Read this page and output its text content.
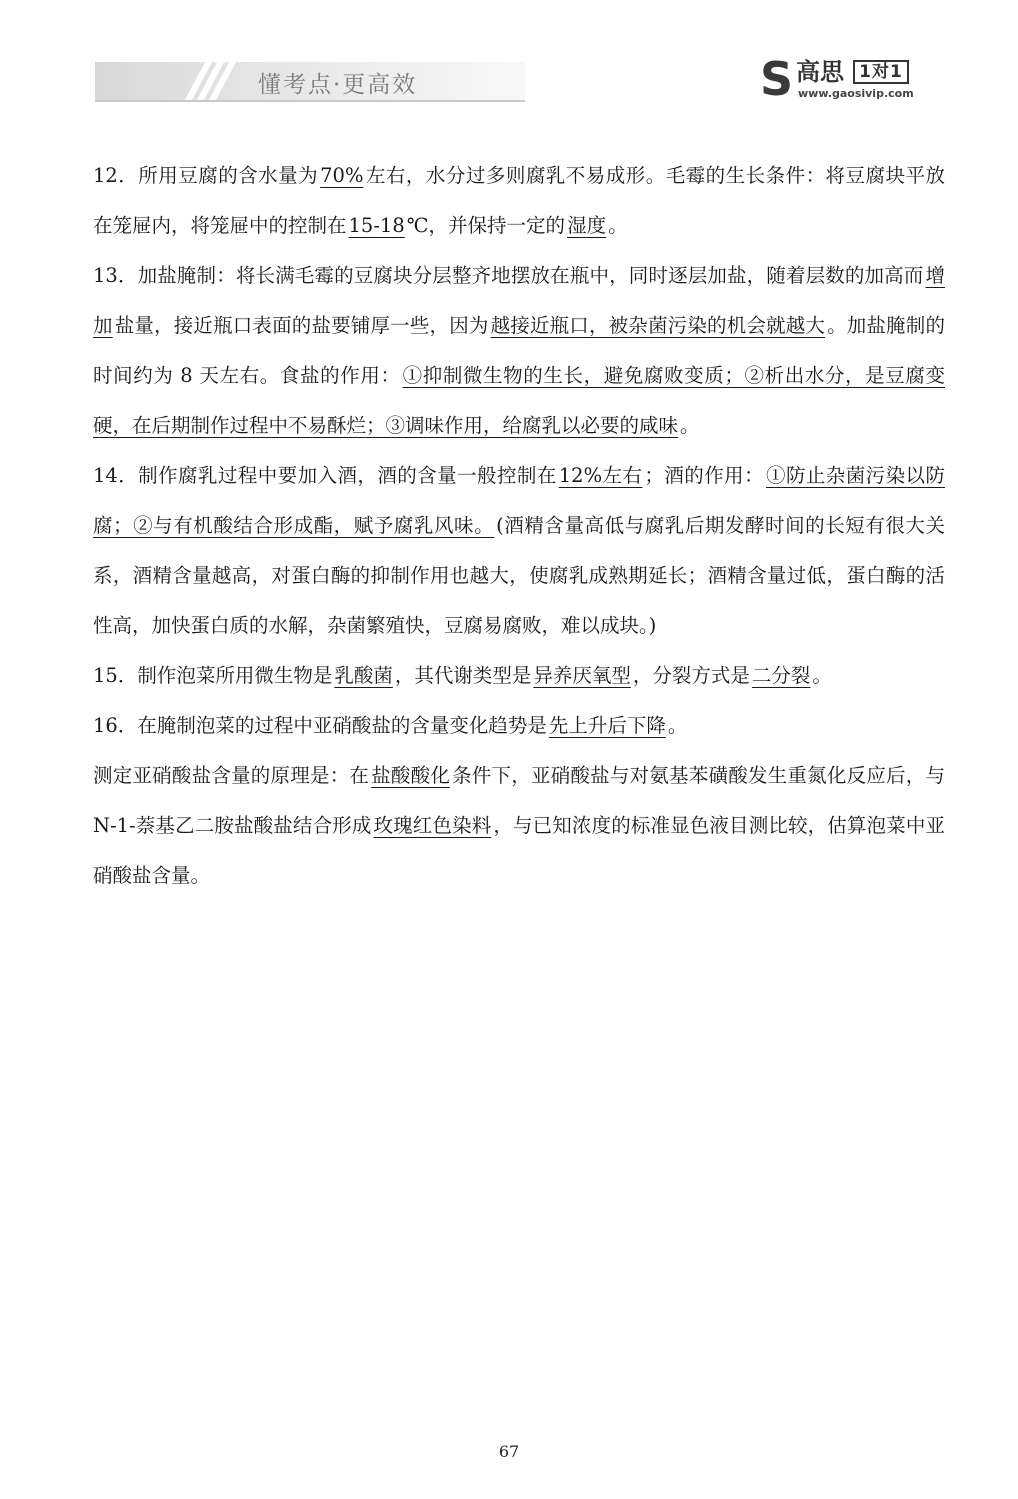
懂考点·更高效	S 高思 1对1
www.gaosivip.com

12．所用豆腐的含水量为 70% 左右，水分过多则腐乳不易成形。毛霉的生长条件：将豆腐块平放在笼屉内，将笼屉中的控制在 15-18 ℃，并保持一定的 湿度 。

13．加盐腌制：将长满毛霉的豆腐块分层整齐地摆放在瓶中，同时逐层加盐，随着层数的加高而 增加 盐量，接近瓶口表面的盐要铺厚一些，因为 越接近瓶口，被杂菌污染的机会就越大 。加盐腌制的时间约为 8 天左右。食盐的作用： ①抑制微生物的生长，避免腐败变质；②析出水分，是豆腐变硬，在后期制作过程中不易酥烂；③调味作用，给腐乳以必要的咸味 。

14．制作腐乳过程中要加入酒，酒的含量一般控制在 12%左右 ；酒的作用： ①防止杂菌污染以防腐；②与有机酸结合形成酯，赋予腐乳风味。 (酒精含量高低与腐乳后期发酵时间的长短有很大关系，酒精含量越高，对蛋白酶的抑制作用也越大，使腐乳成熟期延长；酒精含量过低，蛋白酶的活性高，加快蛋白质的水解，杂菌繁殖快，豆腐易腐败，难以成块。)

15．制作泡菜所用微生物是 乳酸菌 ，其代谢类型是 异养厌氧型 ，分裂方式是 二分裂 。

16．在腌制泡菜的过程中亚硝酸盐的含量变化趋势是 先上升后下降 。

测定亚硝酸盐含量的原理是：在 盐酸酸化 条件下，亚硝酸盐与对氨基苯磺酸发生重氮化反应后，与 N-1-萘基乙二胺盐酸盐结合形成 玫瑰红色染料 ，与已知浓度的标准显色液目测比较，估算泡菜中亚硝酸盐含量。

67
